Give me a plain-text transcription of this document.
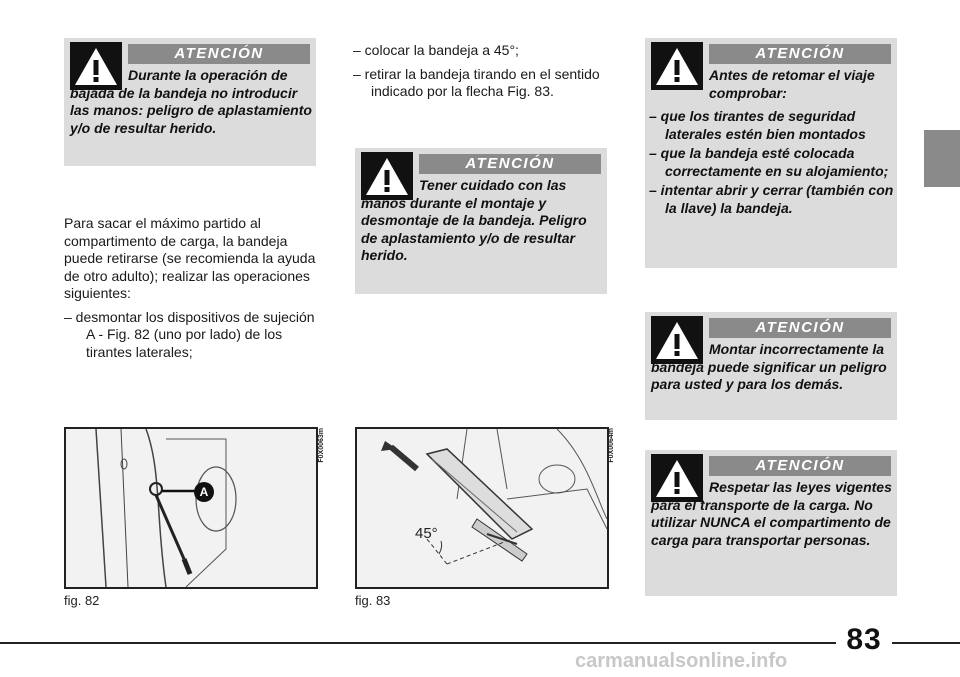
ATENCIÓN

Durante la operación de bajada de la bandeja no introducir las manos: peligro de aplastamiento y/o de resultar herido.

Para sacar el máximo partido al compartimento de carga, la bandeja puede retirarse (se recomienda la ayuda de otro adulto); realizar las operaciones siguientes:

– desmontar los dispositivos de sujeción

A - Fig. 82 (uno por lado) de los tirantes laterales;

– colocar la bandeja a 45°;

– retirar la bandeja tirando en el sentido indicado por la flecha Fig. 83.

ATENCIÓN

Tener cuidado con las manos durante el montaje y desmontaje de la bandeja. Peligro de aplastamiento y/o de resultar herido.

ATENCIÓN

Antes de retomar el viaje comprobar:

– que los tirantes de seguridad laterales estén bien montados

– que la bandeja esté colocada correctamente en su alojamiento;

– intentar abrir y cerrar (también con la llave) la bandeja.

ATENCIÓN

Montar incorrectamente la bandeja puede significar un peligro para usted y para los demás.

ATENCIÓN

Respetar las leyes vigentes para el transporte de la carga. No utilizar NUNCA el compartimento de carga para transportar personas.

A
F0X0063m
fig. 82
45°
F0X0064m
fig. 83
83
carmanualsonline.info
